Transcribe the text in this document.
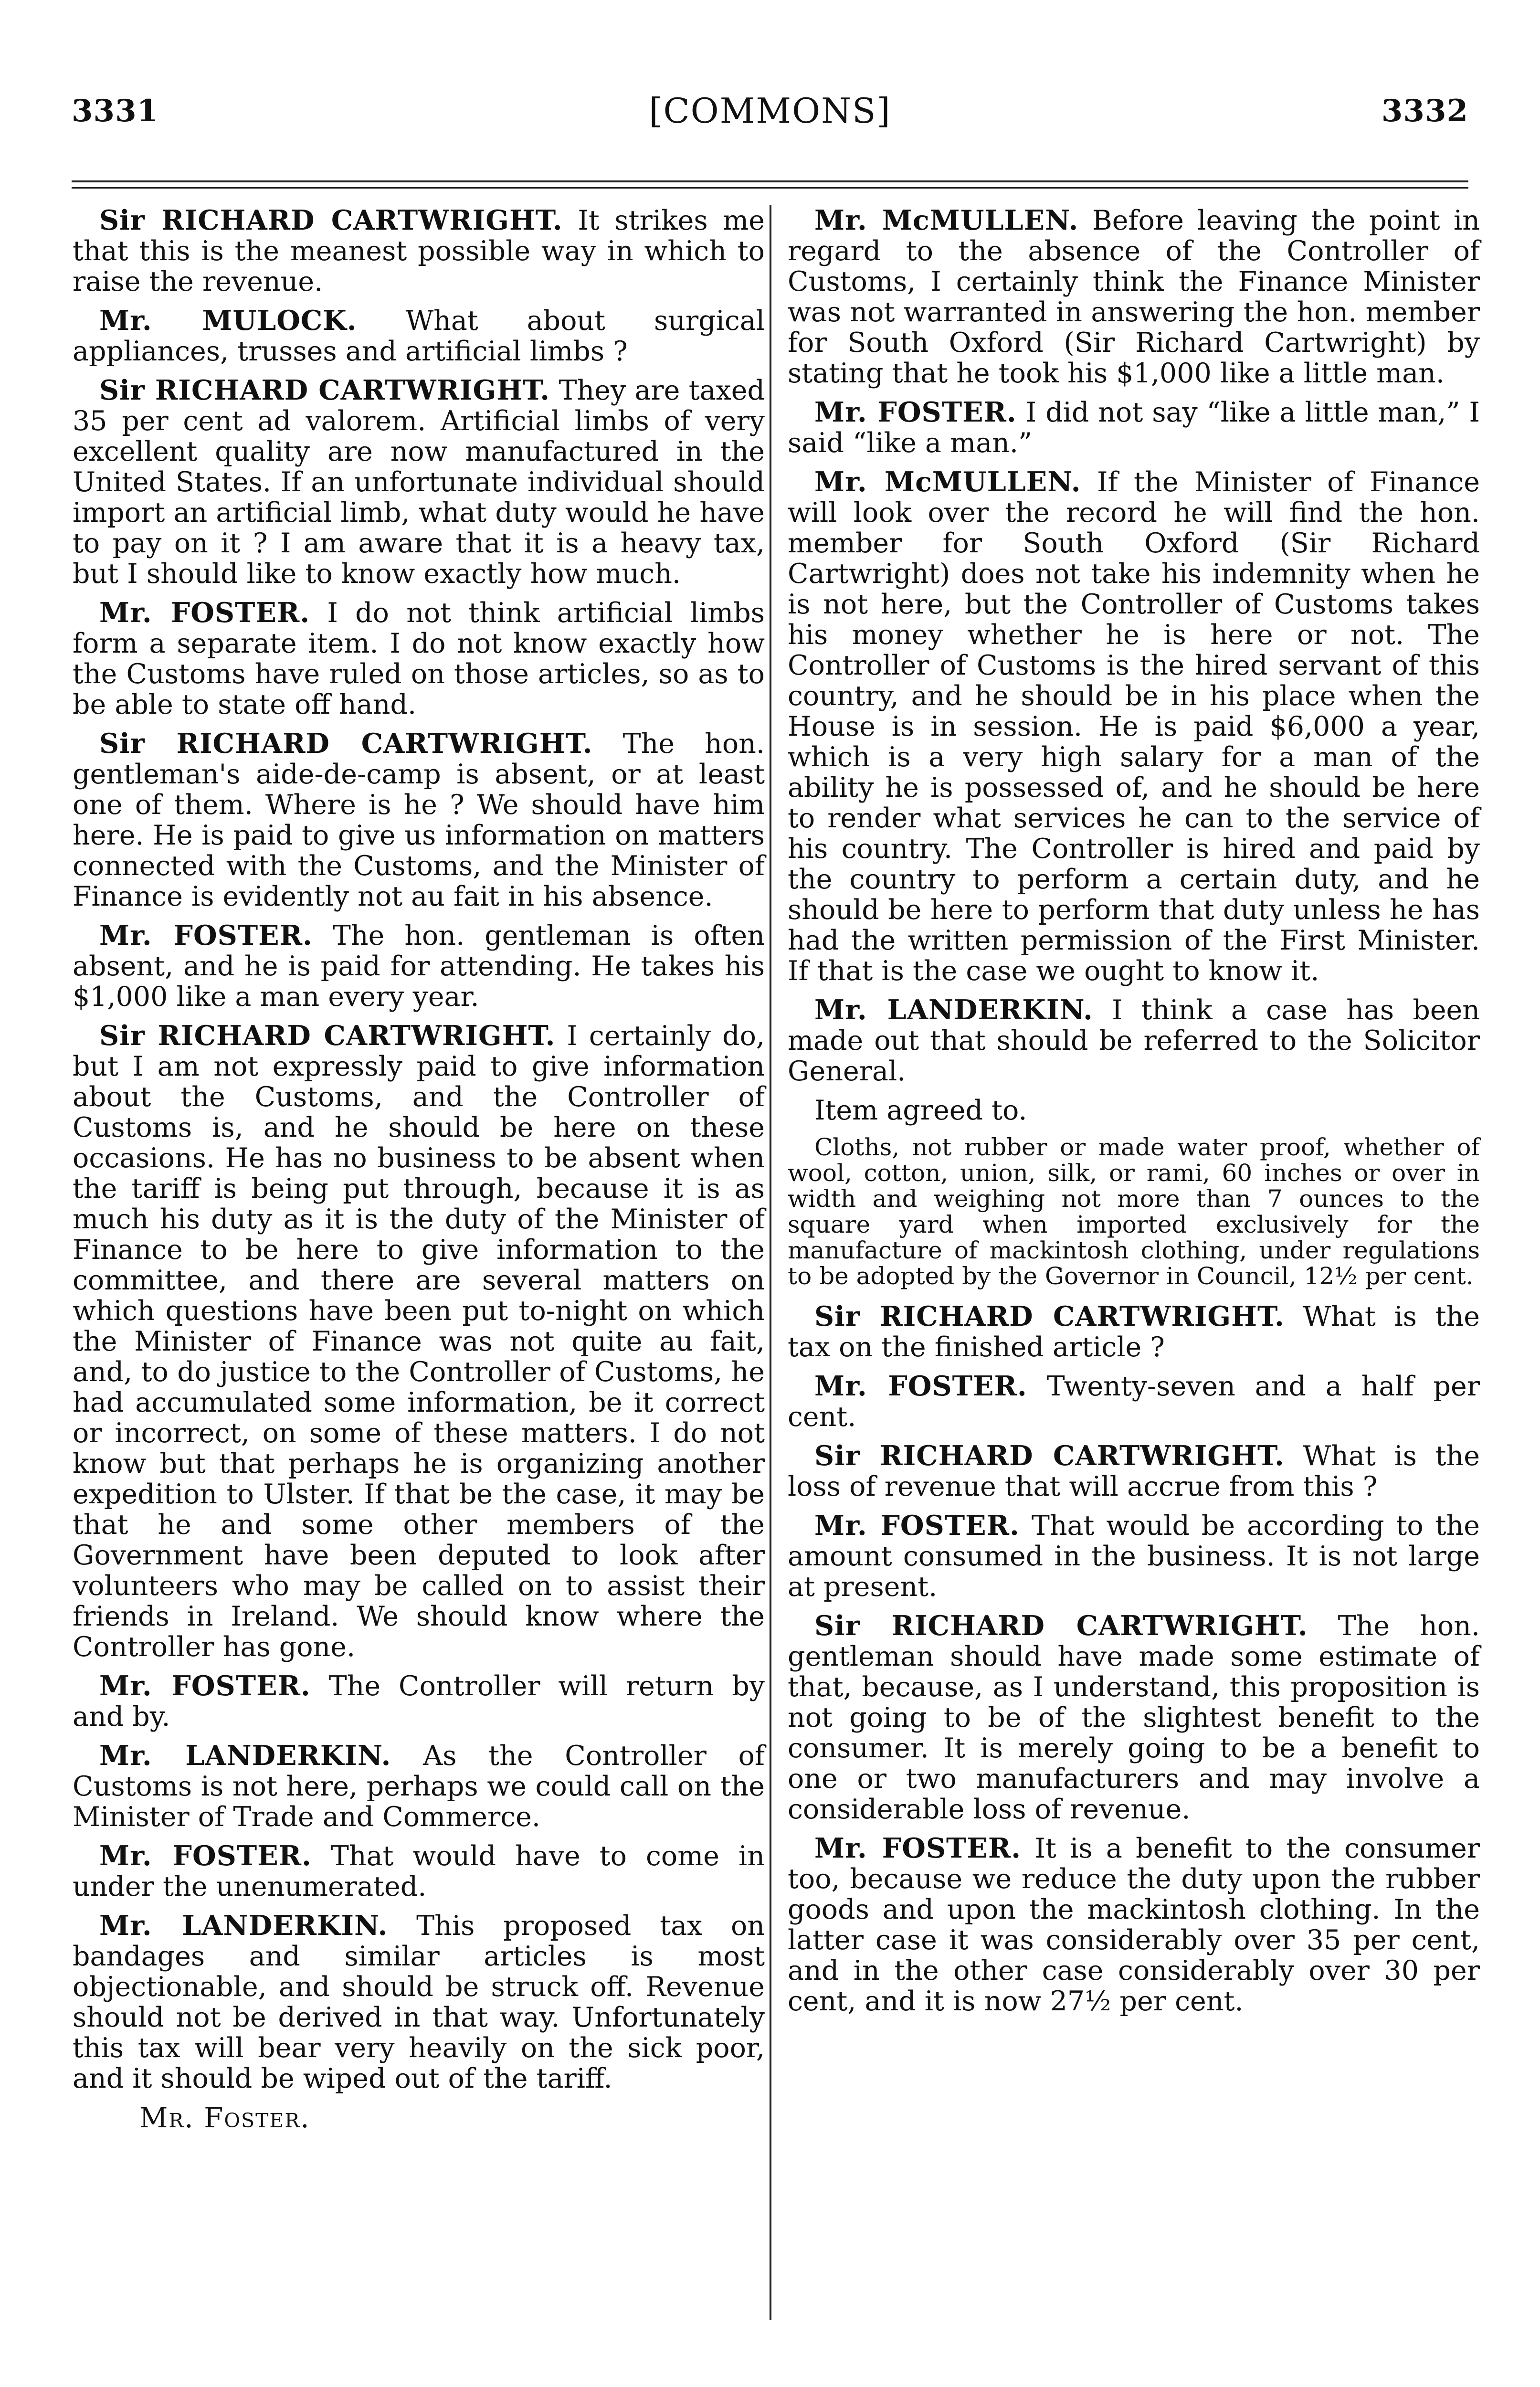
3331	[COMMONS]	3332

Sir RICHARD CARTWRIGHT. It strikes me that this is the meanest possible way in which to raise the revenue.

Mr. MULOCK. What about surgical appliances, trusses and artificial limbs ?

Sir RICHARD CARTWRIGHT. They are taxed 35 per cent ad valorem. Artificial limbs of very excellent quality are now manufactured in the United States. If an unfortunate individual should import an artificial limb, what duty would he have to pay on it ? I am aware that it is a heavy tax, but I should like to know exactly how much.

Mr. FOSTER. I do not think artificial limbs form a separate item. I do not know exactly how the Customs have ruled on those articles, so as to be able to state off hand.

Sir RICHARD CARTWRIGHT. The hon. gentleman's aide-de-camp is absent, or at least one of them. Where is he ? We should have him here. He is paid to give us information on matters connected with the Customs, and the Minister of Finance is evidently not au fait in his absence.

Mr. FOSTER. The hon. gentleman is often absent, and he is paid for attending. He takes his $1,000 like a man every year.

Sir RICHARD CARTWRIGHT. I certainly do, but I am not expressly paid to give information about the Customs, and the Controller of Customs is, and he should be here on these occasions. He has no business to be absent when the tariff is being put through, because it is as much his duty as it is the duty of the Minister of Finance to be here to give information to the committee, and there are several matters on which questions have been put to-night on which the Minister of Finance was not quite au fait, and, to do justice to the Controller of Customs, he had accumulated some information, be it correct or incorrect, on some of these matters. I do not know but that perhaps he is organizing another expedition to Ulster. If that be the case, it may be that he and some other members of the Government have been deputed to look after volunteers who may be called on to assist their friends in Ireland. We should know where the Controller has gone.

Mr. FOSTER. The Controller will return by and by.

Mr. LANDERKIN. As the Controller of Customs is not here, perhaps we could call on the Minister of Trade and Commerce.

Mr. FOSTER. That would have to come in under the unenumerated.

Mr. LANDERKIN. This proposed tax on bandages and similar articles is most objectionable, and should be struck off. Revenue should not be derived in that way. Unfortunately this tax will bear very heavily on the sick poor, and it should be wiped out of the tariff.

Mr. Foster.

Mr. McMULLEN. Before leaving the point in regard to the absence of the Controller of Customs, I certainly think the Finance Minister was not warranted in answering the hon. member for South Oxford (Sir Richard Cartwright) by stating that he took his $1,000 like a little man.

Mr. FOSTER. I did not say “like a little man,” I said “like a man.”

Mr. McMULLEN. If the Minister of Finance will look over the record he will find the hon. member for South Oxford (Sir Richard Cartwright) does not take his indemnity when he is not here, but the Controller of Customs takes his money whether he is here or not. The Controller of Customs is the hired servant of this country, and he should be in his place when the House is in session. He is paid $6,000 a year, which is a very high salary for a man of the ability he is possessed of, and he should be here to render what services he can to the service of his country. The Controller is hired and paid by the country to perform a certain duty, and he should be here to perform that duty unless he has had the written permission of the First Minister. If that is the case we ought to know it.

Mr. LANDERKIN. I think a case has been made out that should be referred to the Solicitor General.

Item agreed to.

Cloths, not rubber or made water proof, whether of wool, cotton, union, silk, or rami, 60 inches or over in width and weighing not more than 7 ounces to the square yard when imported exclusively for the manufacture of mackintosh clothing, under regulations to be adopted by the Governor in Council, 12½ per cent.

Sir RICHARD CARTWRIGHT. What is the tax on the finished article ?

Mr. FOSTER. Twenty-seven and a half per cent.

Sir RICHARD CARTWRIGHT. What is the loss of revenue that will accrue from this ?

Mr. FOSTER. That would be according to the amount consumed in the business. It is not large at present.

Sir RICHARD CARTWRIGHT. The hon. gentleman should have made some estimate of that, because, as I understand, this proposition is not going to be of the slightest benefit to the consumer. It is merely going to be a benefit to one or two manufacturers and may involve a considerable loss of revenue.

Mr. FOSTER. It is a benefit to the consumer too, because we reduce the duty upon the rubber goods and upon the mackintosh clothing. In the latter case it was considerably over 35 per cent, and in the other case considerably over 30 per cent, and it is now 27½ per cent.
